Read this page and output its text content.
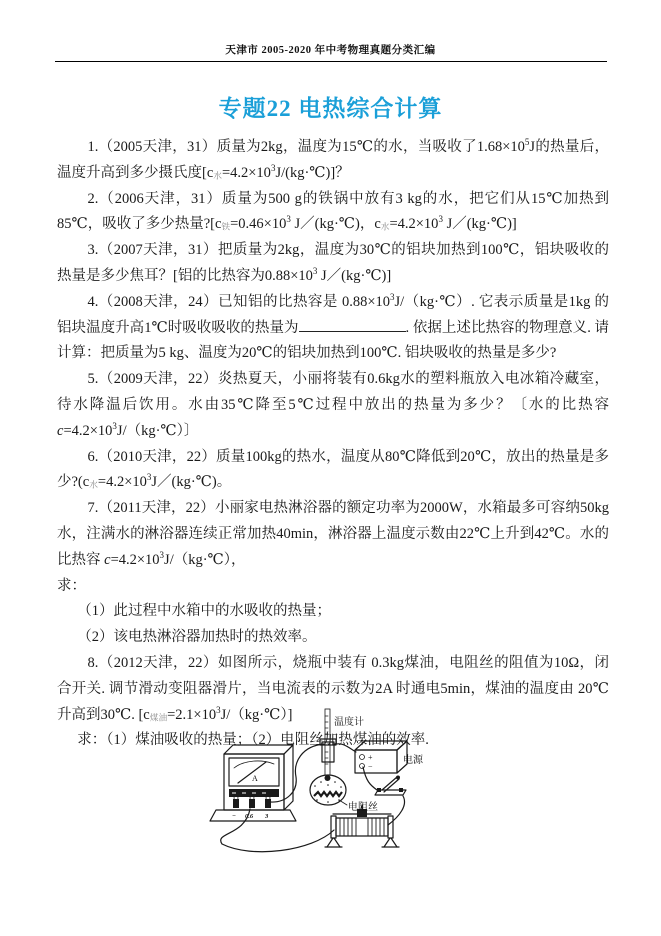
天津市 2005-2020 年中考物理真题分类汇编
专题22 电热综合计算

1.（2005天津，31）质量为2kg，温度为15℃的水，当吸收了$1.68\times 10^5J$的热量后，温度升高到多少摄氏度$[c_水=4.2\times 10^3J/(kg\cdot℃)]$？

2.（2006天津，31）质量为500 g的铁锅中放有3 kg的水，把它们从15℃加热到85℃，吸收了多少热量$?[c_铁=0.46\times 10^3$ J／(kg·℃)，$c_水=4.2\times 10^3$ J／(kg·℃)]

3.（2007天津，31）把质量为2kg，温度为30℃的铝块加热到100℃，铝块吸收的热量是多少焦耳？[铝的比热容为$0.88\times 10^3$ J／(kg·℃)]

4.（2008天津，24）已知铝的比热容是 $0.88\times 10^3J/(kg\cdot℃)$. 它表示质量是1kg 的铝块温度升高1℃时吸收吸收的热量为	. 依据上述比热容的物理意义. 请计算：把质量为5 kg、温度为20℃的铝块加热到100℃. 铝块吸收的热量是多少?

5.（2009天津，22）炎热夏天，小丽将装有0.6kg水的塑料瓶放入电冰箱冷藏室，待水降温后饮用。水由35℃降至5℃过程中放出的热量为多少？〔水的比热容 $c=4.2\times 10^3J/(kg\cdot℃)$〕

6.（2010天津，22）质量100kg的热水，温度从80℃降低到20℃，放出的热量是多少$?(c_水=4.2\times 10^3J/(kg\cdot℃)$。

7.（2011天津，22）小丽家电热淋浴器的额定功率为2000W，水箱最多可容纳50kg水，注满水的淋浴器连续正常加热40min，淋浴器上温度示数由22℃上升到42℃。水的比热容 $c=4.2\times 10^3J/(kg\cdot℃)$，

求：

（1）此过程中水箱中的水吸收的热量；

（2）该电热淋浴器加热时的热效率。

8.（2012天津，22）如图所示，烧瓶中装有 0.3kg煤油，电阻丝的阻值为10Ω，闭合开关. 调节滑动变阻器滑片，当电流表的示数为2A 时通电5min，煤油的温度由 20℃升高到30℃. $[c_{煤油}=2.1\times 10^3J/(kg\cdot℃)]$

求：（1）煤油吸收的热量；（2）电阻丝加热煤油的效率.

A
− 0.6 3
+
−
温度计
电源
电阻丝
